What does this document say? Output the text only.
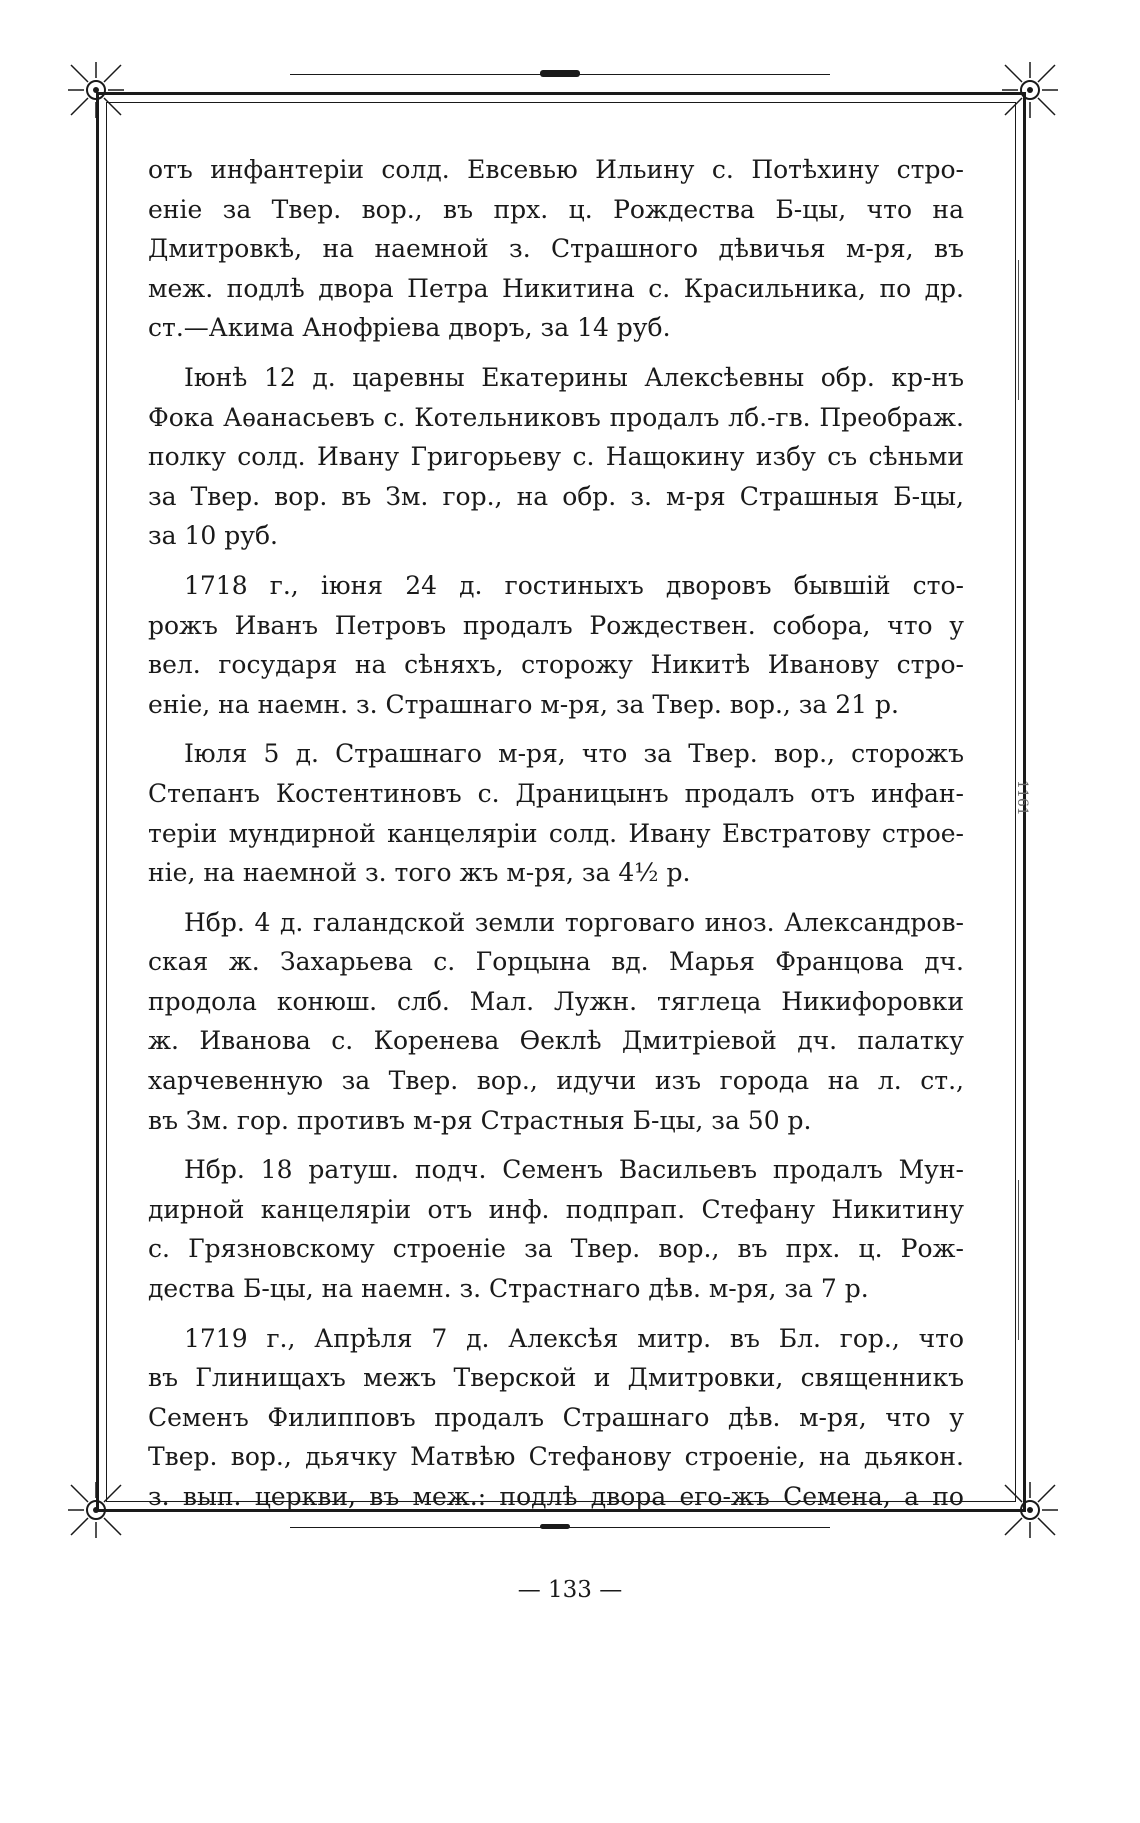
1161
отъ инфантеріи солд. Евсевью Ильину с. Потѣхину стро-
еніе за Твер. вор., въ прх. ц. Рождества Б-цы, что на
Дмитровкѣ, на наемной з. Страшного дѣвичья м-ря, въ
меж. подлѣ двора Петра Никитина с. Красильника, по др.
ст.—Акима Анофріева дворъ, за 14 руб.
Іюнѣ 12 д. царевны Екатерины Алексѣевны обр. кр-нъ
Фока Аѳанасьевъ с. Котельниковъ продалъ лб.-гв. Преображ.
полку солд. Ивану Григорьеву с. Нащокину избу съ сѣньми
за Твер. вор. въ Зм. гор., на обр. з. м-ря Страшныя Б-цы,
за 10 руб.
1718 г., іюня 24 д. гостиныхъ дворовъ бывшій сто-
рожъ Иванъ Петровъ продалъ Рождествен. собора, что у
вел. государя на сѣняхъ, сторожу Никитѣ Иванову стро-
еніе, на наемн. з. Страшнаго м-ря, за Твер. вор., за 21 р.
Іюля 5 д. Страшнаго м-ря, что за Твер. вор., сторожъ
Степанъ Костентиновъ с. Драницынъ продалъ отъ инфан-
теріи мундирной канцеляріи солд. Ивану Евстратову строе-
ніе, на наемной з. того жъ м-ря, за 4½ р.
Нбр. 4 д. галандской земли торговаго иноз. Александров-
ская ж. Захарьева с. Горцына вд. Марья Францова дч.
продола конюш. слб. Мал. Лужн. тяглеца Никифоровки
ж. Иванова с. Коренева Ѳеклѣ Дмитріевой дч. палатку
харчевенную за Твер. вор., идучи изъ города на л. ст.,
въ Зм. гор. противъ м-ря Страстныя Б-цы, за 50 р.
Нбр. 18 ратуш. подч. Семенъ Васильевъ продалъ Мун-
дирной канцеляріи отъ инф. подпрап. Стефану Никитину
с. Грязновскому строеніе за Твер. вор., въ прх. ц. Рож-
дества Б-цы, на наемн. з. Страстнаго дѣв. м-ря, за 7 р.
1719 г., Апрѣля 7 д. Алексѣя митр. въ Бл. гор., что
въ Глинищахъ межъ Тверской и Дмитровки, священникъ
Семенъ Филипповъ продалъ Страшнаго дѣв. м-ря, что у
Твер. вор., дьячку Матвѣю Стефанову строеніе, на дьякон.
з. вып. церкви, въ меж.: подлѣ двора его-жъ Семена, а по
— 133 —
